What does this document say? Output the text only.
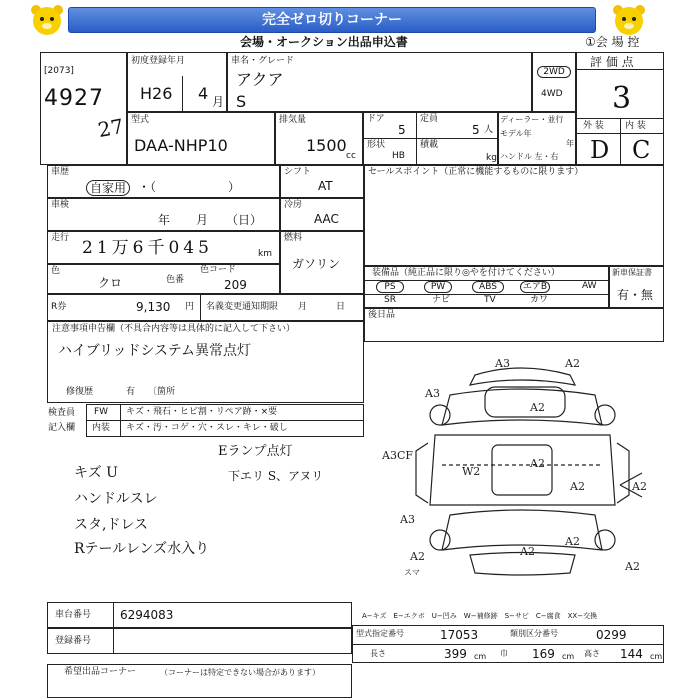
完全ゼロ切りコーナー
会場・オークション出品申込書	①会 場 控
[2073]
4927
27
初度登録年月
H26 4 月
車名・グレード
アクア
S
2WD
4WD
評 価 点
3
外 装 内 装
D C
型式
DAA-NHP10
排気量
1500
cc
ドア
5
定員
5 人
形状
HB
積載
kg
ディーラー・並行
モデル年
年
ハンドル 左・右
車歴
自家用 ・（　　　　　　）
車検
年 月 （日）
走行 21万6千045	km
色
クロ
色コード
色番	209
R券	9,130 円 名義変更通知期限 月	日
シフト
AT
冷房
AAC
燃料
ガソリン
セールスポイント（正常に機能するものに限ります）
装備品（純正品に限り◎やを付けてください）
PS	PW	ABS	エアB
SR	ナビ	TV	カワ
AW
新車保証書
有・無
後日品
注意事項申告欄（不具合内容等は具体的に記入して下さい）
ハイブリッドシステム異常点灯
修復歴	有 〔箇所
検査員
記入欄
FW キズ・飛石・ヒビ割・リペア跡・×要
内装 キズ・汚・コゲ・穴・スレ・キレ・破し
キズ U
ハンドルスレ
スタ,ドレス
Rテールレンズ水入り
Eランプ点灯
下エリ S、アヌリ
A3	A2
A3
A2
A3CF
A2
W2
A2
A2
A3
A2	A2
A2
A2
スマ
車台番号 6294083
登録番号
A−キズ　E−エクボ　U−凹み　W−補修跡　S−サビ　C−腐食　XX−交換
型式指定番号	17053	類別区分番号	0299
長さ	399 cm 巾 169 cm 高さ 144 cm
希望出品コーナー	（コーナーは特定できない場合があります）
